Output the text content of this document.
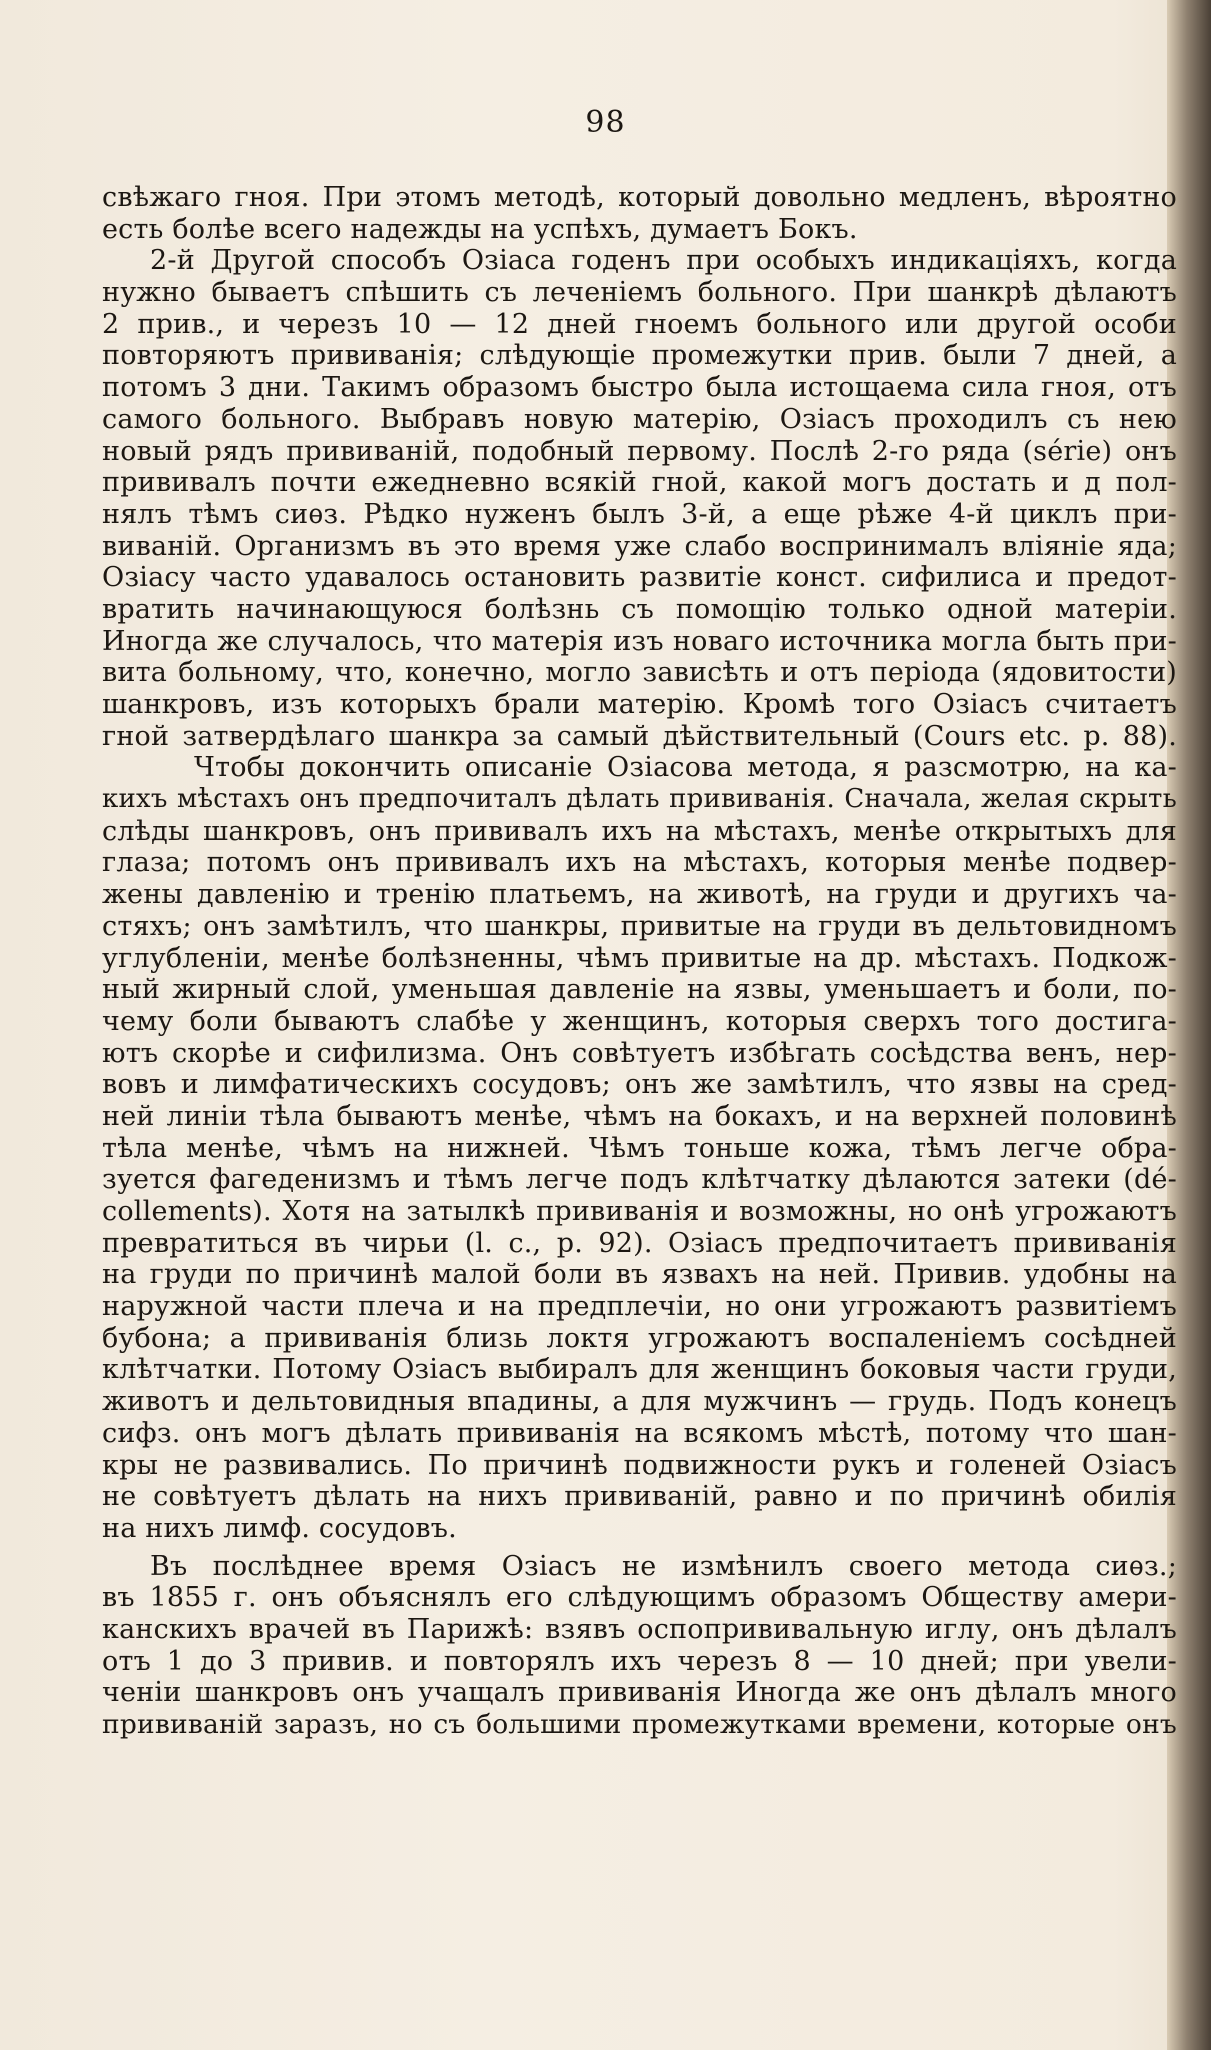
98
свѣжаго гноя. При этомъ методѣ, который довольно медленъ, вѣроятно
есть болѣе всего надежды на успѣхъ, думаетъ Бокъ.
2-й Другой способъ Озіаса годенъ при особыхъ индикаціяхъ, когда
нужно бываетъ спѣшить съ леченіемъ больного. При шанкрѣ дѣлаютъ
2 прив., и черезъ 10 — 12 дней гноемъ больного или другой особи
повторяютъ прививанія; слѣдующіе промежутки прив. были 7 дней, а
потомъ 3 дни. Такимъ образомъ быстро была истощаема сила гноя, отъ
самого больного. Выбравъ новую матерію, Озіасъ проходилъ съ нею
новый рядъ прививаній, подобный первому. Послѣ 2-го ряда (série) онъ
прививалъ почти ежедневно всякій гной, какой могъ достать и д пол-
нялъ тѣмъ сиѳз. Рѣдко нуженъ былъ 3-й, а еще рѣже 4-й циклъ при-
виваній. Организмъ въ это время уже слабо воспринималъ вліяніе яда;
Озіасу часто удавалось остановить развитіе конст. сифилиса и предот-
вратить начинающуюся болѣзнь съ помощію только одной матеріи.
Иногда же случалось, что матерія изъ новаго источника могла быть при-
вита больному, что, конечно, могло зависѣть и отъ періода (ядовитости)
шанкровъ, изъ которыхъ брали матерію. Кромѣ того Озіасъ считаетъ
гной затвердѣлаго шанкра за самый дѣйствительный (Cours etc. p. 88).
Чтобы докончить описаніе Озіасова метода, я разсмотрю, на ка-
кихъ мѣстахъ онъ предпочиталъ дѣлать прививанія. Сначала, желая скрыть
слѣды шанкровъ, онъ прививалъ ихъ на мѣстахъ, менѣе открытыхъ для
глаза; потомъ онъ прививалъ ихъ на мѣстахъ, которыя менѣе подвер-
жены давленію и тренію платьемъ, на животѣ, на груди и другихъ ча-
стяхъ; онъ замѣтилъ, что шанкры, привитые на груди въ дельтовидномъ
углубленіи, менѣе болѣзненны, чѣмъ привитые на др. мѣстахъ. Подкож-
ный жирный слой, уменьшая давленіе на язвы, уменьшаетъ и боли, по-
чему боли бываютъ слабѣе у женщинъ, которыя сверхъ того достига-
ютъ скорѣе и сифилизма. Онъ совѣтуетъ избѣгать сосѣдства венъ, нер-
вовъ и лимфатическихъ сосудовъ; онъ же замѣтилъ, что язвы на сред-
ней линіи тѣла бываютъ менѣе, чѣмъ на бокахъ, и на верхней половинѣ
тѣла менѣе, чѣмъ на нижней. Чѣмъ тоньше кожа, тѣмъ легче обра-
зуется фагеденизмъ и тѣмъ легче подъ клѣтчатку дѣлаются затеки (dé-
collements). Хотя на затылкѣ прививанія и возможны, но онѣ угрожаютъ
превратиться въ чирьи (l. c., p. 92). Озіасъ предпочитаетъ прививанія
на груди по причинѣ малой боли въ язвахъ на ней. Привив. удобны на
наружной части плеча и на предплечіи, но они угрожаютъ развитіемъ
бубона; а прививанія близь локтя угрожаютъ воспаленіемъ сосѣдней
клѣтчатки. Потому Озіасъ выбиралъ для женщинъ боковыя части груди,
животъ и дельтовидныя впадины, а для мужчинъ — грудь. Подъ конецъ
сифз. онъ могъ дѣлать прививанія на всякомъ мѣстѣ, потому что шан-
кры не развивались. По причинѣ подвижности рукъ и голеней Озіасъ
не совѣтуетъ дѣлать на нихъ прививаній, равно и по причинѣ обилія
на нихъ лимф. сосудовъ.
Въ послѣднее время Озіасъ не измѣнилъ своего метода сиѳз.;
въ 1855 г. онъ объяснялъ его слѣдующимъ образомъ Обществу амери-
канскихъ врачей въ Парижѣ: взявъ оспопрививальную иглу, онъ дѣлалъ
отъ 1 до 3 привив. и повторялъ ихъ черезъ 8 — 10 дней; при увели-
ченіи шанкровъ онъ учащалъ прививанія Иногда же онъ дѣлалъ много
прививаній заразъ, но съ большими промежутками времени, которые онъ
